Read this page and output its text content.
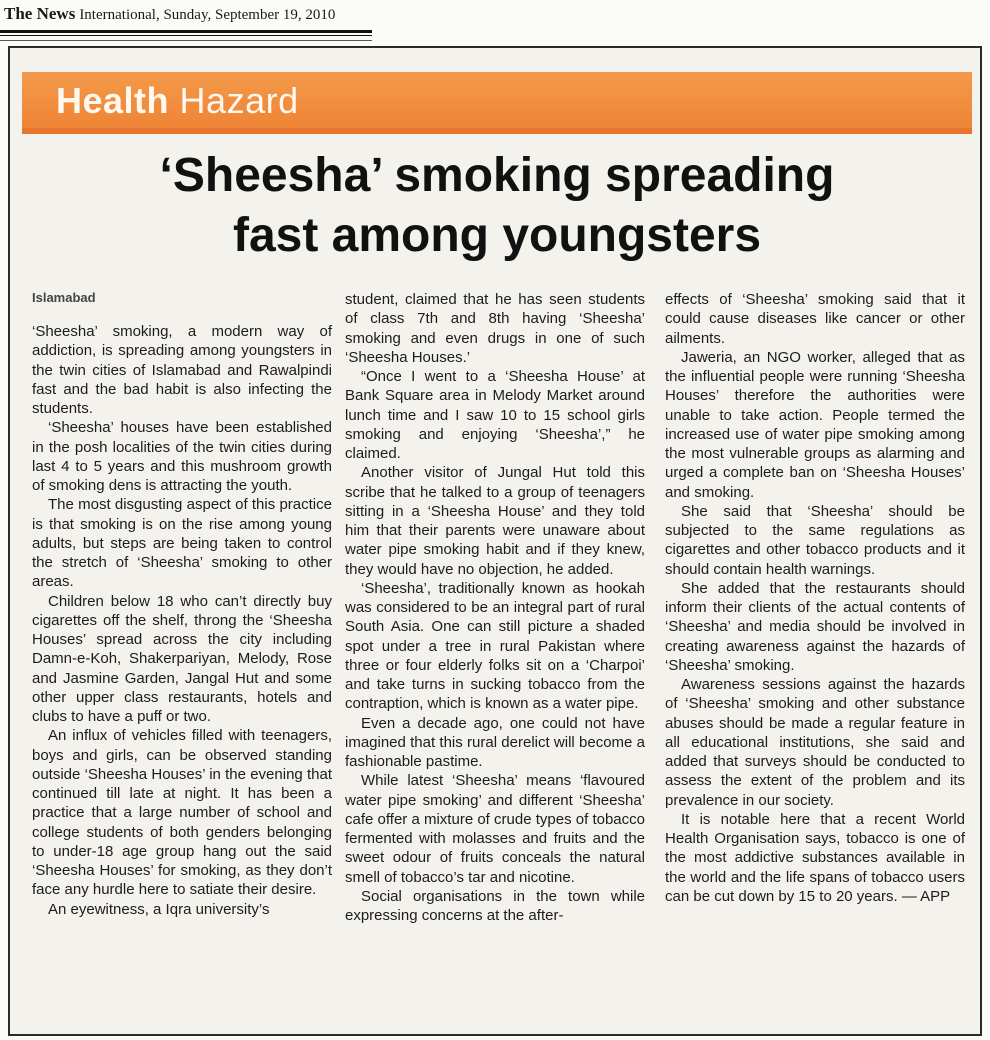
The News International, Sunday, September 19, 2010
Health Hazard
‘Sheesha’ smoking spreading
fast among youngsters
Islamabad

‘Sheesha’ smoking, a modern way of addiction, is spreading among youngsters in the twin cities of Islamabad and Rawalpindi fast and the bad habit is also infecting the students.

‘Sheesha’ houses have been established in the posh localities of the twin cities during last 4 to 5 years and this mushroom growth of smoking dens is attracting the youth.

The most disgusting aspect of this practice is that smoking is on the rise among young adults, but steps are being taken to control the stretch of ‘Sheesha’ smoking to other areas.

Children below 18 who can’t directly buy cigarettes off the shelf, throng the ‘Sheesha Houses’ spread across the city including Damn-e-Koh, Shakerpariyan, Melody, Rose and Jasmine Garden, Jangal Hut and some other upper class restaurants, hotels and clubs to have a puff or two.

An influx of vehicles filled with teenagers, boys and girls, can be observed standing outside ‘Sheesha Houses’ in the evening that continued till late at night. It has been a practice that a large number of school and college students of both genders belonging to under-18 age group hang out the said ‘Sheesha Houses’ for smoking, as they don’t face any hurdle here to satiate their desire.

An eyewitness, a Iqra university’s

student, claimed that he has seen students of class 7th and 8th having ‘Sheesha’ smoking and even drugs in one of such ‘Sheesha Houses.’

“Once I went to a ‘Sheesha House’ at Bank Square area in Melody Market around lunch time and I saw 10 to 15 school girls smoking and enjoying ‘Sheesha’,” he claimed.

Another visitor of Jungal Hut told this scribe that he talked to a group of teenagers sitting in a ‘Sheesha House’ and they told him that their parents were unaware about water pipe smoking habit and if they knew, they would have no objection, he added.

‘Sheesha’, traditionally known as hookah was considered to be an integral part of rural South Asia. One can still picture a shaded spot under a tree in rural Pakistan where three or four elderly folks sit on a ‘Charpoi’ and take turns in sucking tobacco from the contraption, which is known as a water pipe.

Even a decade ago, one could not have imagined that this rural derelict will become a fashionable pastime.

While latest ‘Sheesha’ means ‘flavoured water pipe smoking’ and different ‘Sheesha’ cafe offer a mixture of crude types of tobacco fermented with molasses and fruits and the sweet odour of fruits conceals the natural smell of tobacco’s tar and nicotine.

Social organisations in the town while expressing concerns at the after-

effects of ‘Sheesha’ smoking said that it could cause diseases like cancer or other ailments.

Jaweria, an NGO worker, alleged that as the influential people were running ‘Sheesha Houses’ therefore the authorities were unable to take action. People termed the increased use of water pipe smoking among the most vulnerable groups as alarming and urged a complete ban on ‘Sheesha Houses’ and smoking.

She said that ‘Sheesha’ should be subjected to the same regulations as cigarettes and other tobacco products and it should contain health warnings.

She added that the restaurants should inform their clients of the actual contents of ‘Sheesha’ and media should be involved in creating awareness against the hazards of ‘Sheesha’ smoking.

Awareness sessions against the hazards of ‘Sheesha’ smoking and other substance abuses should be made a regular feature in all educational institutions, she said and added that surveys should be conducted to assess the extent of the problem and its prevalence in our society.

It is notable here that a recent World Health Organisation says, tobacco is one of the most addictive substances available in the world and the life spans of tobacco users can be cut down by 15 to 20 years. — APP
